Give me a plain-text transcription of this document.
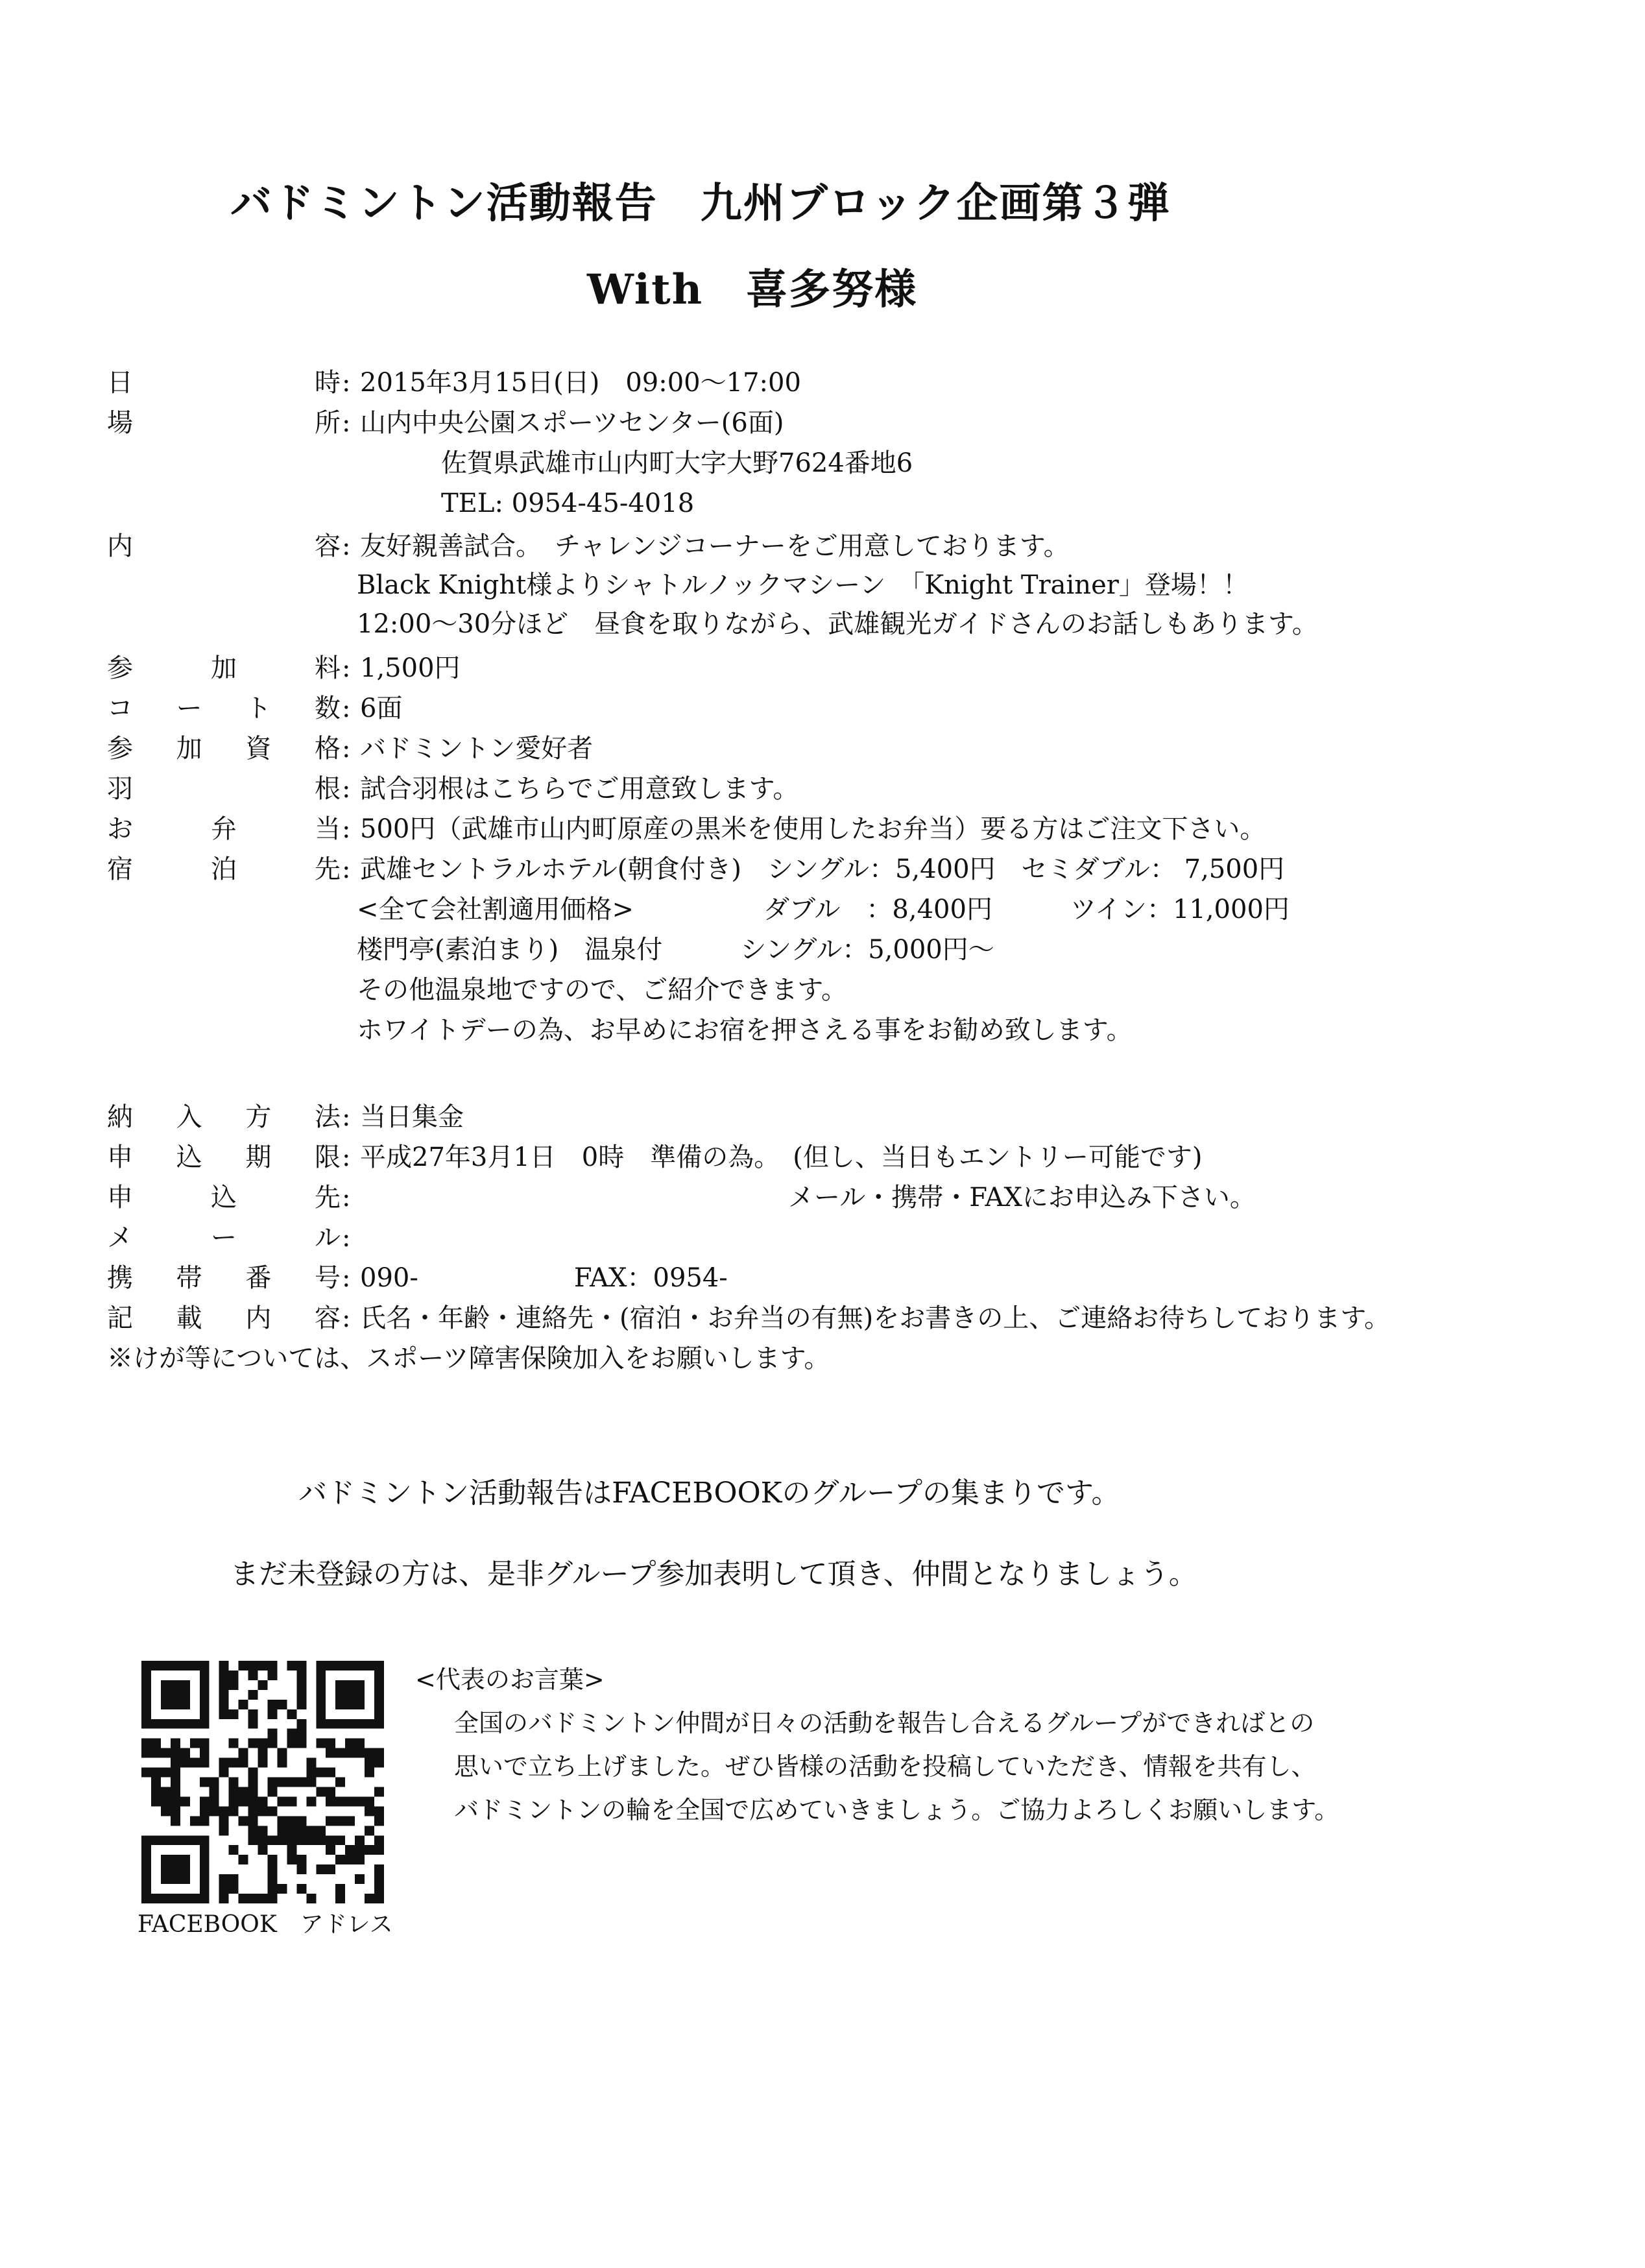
バドミントン活動報告　九州ブロック企画第３弾
With　喜多努様
日	時 : 2015年3月15日(日)　09:00〜17:00
場	所 : 山内中央公園スポーツセンター(6面)
佐賀県武雄市山内町大字大野7624番地6
TEL: 0954-45-4018
内	容 : 友好親善試合。　チャレンジコーナーをご用意しております。
Black Knight様よりシャトルノックマシーン　「Knight Trainer」登場！！
12:00〜30分ほど　昼食を取りながら、武雄観光ガイドさんのお話しもあります。
参	加	料 : 1,500円
コ ー ト 数 : 6面
参 加 資 格 : バドミントン愛好者
羽	根 : 試合羽根はこちらでご用意致します。
お	弁	当 : 500円（武雄市山内町原産の黒米を使用したお弁当）要る方はご注文下さい。
宿	泊	先 : 武雄セントラルホテル(朝食付き)　シングル：5,400円　セミダブル： 7,500円
<全て会社割適用価格>　　　　　ダブル　：8,400円　　　ツイン：11,000円
楼門亭(素泊まり)　温泉付　　　シングル：5,000円〜
その他温泉地ですので、ご紹介できます。
ホワイトデーの為、お早めにお宿を押さえる事をお勧め致します。
納 入 方 法 : 当日集金
申 込 期 限 : 平成27年3月1日　0時　準備の為。　(但し、当日もエントリー可能です)
申	込	先 :	メール・携帯・FAXにお申込み下さい。
メ	ー	ル :
携 帯 番 号 : 090-　　　　　　FAX：0954-
記 載 内 容 : 氏名・年齢・連絡先・(宿泊・お弁当の有無)をお書きの上、ご連絡お待ちしております。
※けが等については、スポーツ障害保険加入をお願いします。
バドミントン活動報告はFACEBOOKのグループの集まりです。
まだ未登録の方は、是非グループ参加表明して頂き、仲間となりましょう。
FACEBOOK　アドレス
<代表のお言葉>
全国のバドミントン仲間が日々の活動を報告し合えるグループができればとの
思いで立ち上げました。ぜひ皆様の活動を投稿していただき、情報を共有し、
バドミントンの輪を全国で広めていきましょう。ご協力よろしくお願いします。
